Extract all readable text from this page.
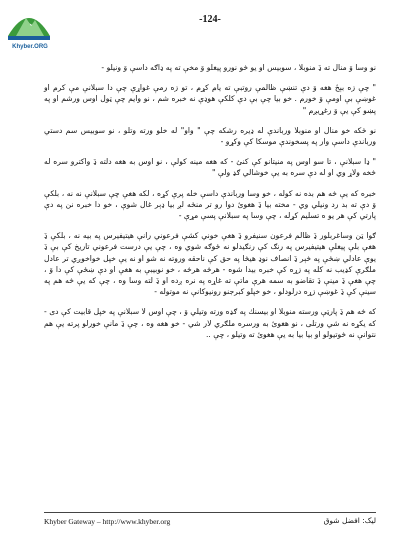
Khyber.ORG
-124-

نو وسا وَ منال ته ډَ منوبلا ، سوبيس او يو څو نورو پيغلو وَ مخې ته په ډاګه داسې وَ ونيلو -

" چې زه بېځ هغه وَ دې تنښې ظالمې روتبې ته يام كړم ، تو زه رمې غواړې چې دا سبلانې مې كرم او غوښې بې اومې وَ خورم . خو بيا چې بې دې كلكې هوډې نه خبره شم ، نو وايم چې ټول اوس ورشم او په پښو كې يې وَ رغړيږم "

نو ځكه خو منال او منوبلا ورباندې له ډيره رشكه چې " واو" له خلو ورته وتلو ، نو سوبيس سم دستي ورباندې داسې وار په پسخوندې موسكا كې وكړو -

" ډا سبلانې ، تا سو اوس په منيتانو كې كنئ - كه هغه مينه كولې ، نو اوس به هغه دلته ډَ واكترو سره له څخه ولاړ وي او له دې سره به يې خوشالي ګډ ولې "

خبره كه يې څه هم بده نه كوله ، خو وسا ورباندې داسې خله پرې كړه ، لكه هغې چې سبلانې نه نه ، بلكې وَ دې ته بد رد ونيلي وي - مخته بيا ډَ هغوئ دوا رو تر منځه لږ بيا ډېر غال شوې ، خو دا خبره نن په دې پارتي كې هر يو ه تسليم كړله ، چې وسا په سبلانې پسې مړې -

ګوا ټن وساغربلور ډَ ظالم فرعون سنيفرو ډَ هغې خوني كشې فرعوني رانې هيتيفيرس په بيه نه ، بلكې ډَ هغې بلې پيغلې هيتيفيرس په رنګ كې رنګيدلو نه ځوګه شوي وه ، چې يې درست فرعوني تاريخ كې بې ډَ يوې عادلي ښځې په څېر ډَ انصاف نوډ هيڅا په حق كې ناحقه وروته نه شو او نه يې خپل خواخوږي تر عادل ملګرې كډيب نه كله په زړه كې خبره بيدا شوه - هرڅه هرڅه ، خو نوبيبې به هغې او دې ښځې كې دا وَ ، چې هغې ډَ مينې ډَ تقاضو به سمه هرې ماتې ته غاړه په نره ږده او ډَ لته وسا وه ، چې كه يې څه هم په سينې كې ډَ غوښې زړه درلودلو ، خو خپلو كبرجنو رونيوكانې نه موتوله -

كه څه هم ډَ پارټې ورسته منوبلا او بيسنك په ګډه ورته وتيلي وَ ، چې اوس لا سبلانې په خپل قابيت كې دی - كه يكړه نه شي ورتلی ، نو هغوئ به ورسره ملګري لار شي - خو هغه وه ، چې ډَ مانې خورلو پرته يې هم نتوانې نه څوتيولو او بيا بيا به يې هغوئ ته وتيلو ، چې ..

Khyber Gateway – http://www.khyber.org	ليک: افضل شوق
